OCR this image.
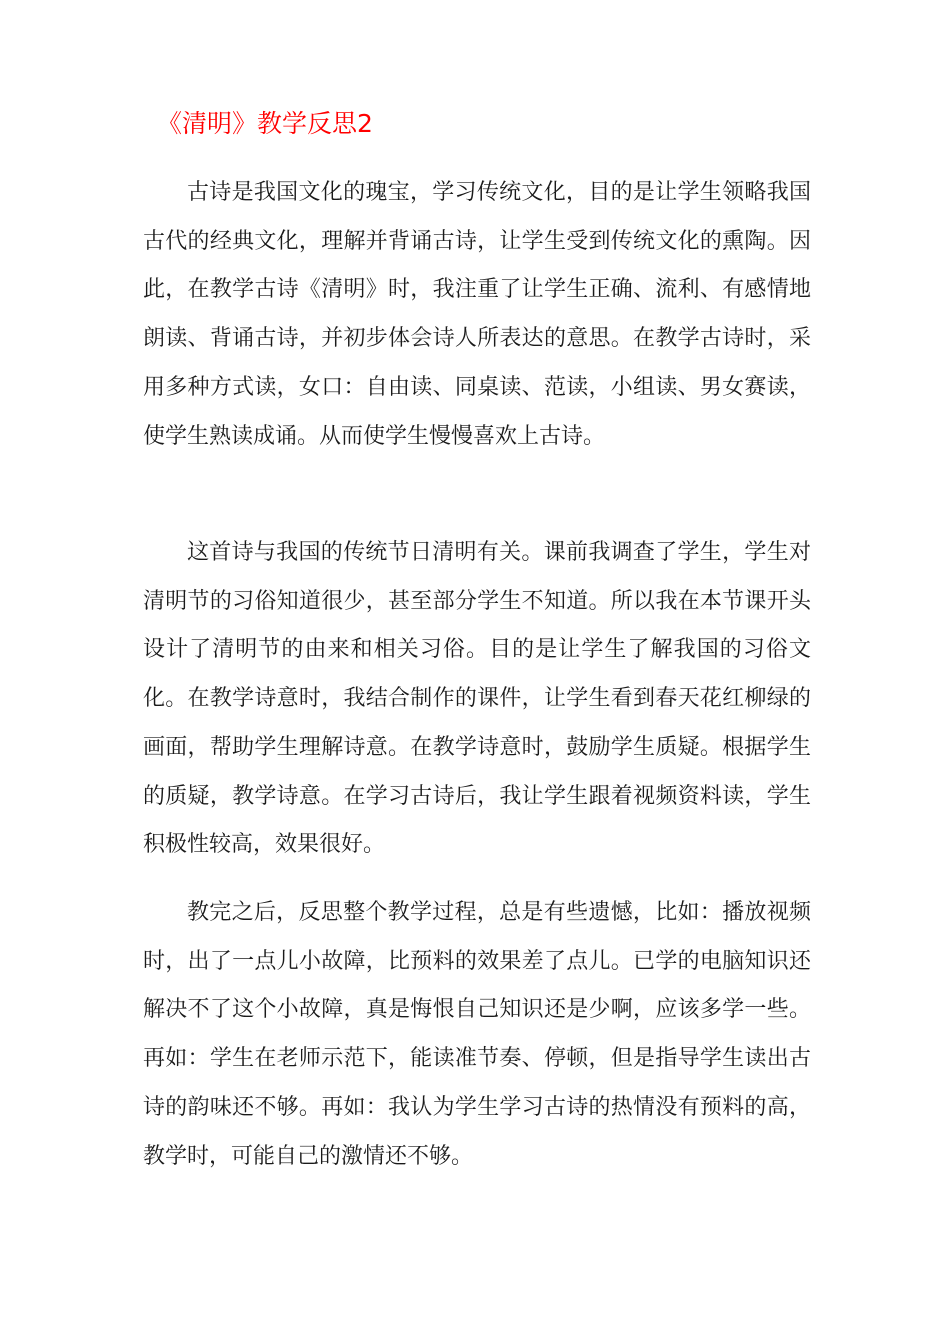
《清明》教学反思2

古诗是我国文化的瑰宝，学习传统文化，目的是让学生领略我国古代的经典文化，理解并背诵古诗，让学生受到传统文化的熏陶。因此，在教学古诗《清明》时，我注重了让学生正确、流利、有感情地朗读、背诵古诗，并初步体会诗人所表达的意思。在教学古诗时，采用多种方式读，女口：自由读、同桌读、范读，小组读、男女赛读，使学生熟读成诵。从而使学生慢慢喜欢上古诗。

这首诗与我国的传统节日清明有关。课前我调查了学生，学生对清明节的习俗知道很少，甚至部分学生不知道。所以我在本节课开头设计了清明节的由来和相关习俗。目的是让学生了解我国的习俗文化。在教学诗意时，我结合制作的课件，让学生看到春天花红柳绿的画面，帮助学生理解诗意。在教学诗意时，鼓励学生质疑。根据学生的质疑，教学诗意。在学习古诗后，我让学生跟着视频资料读，学生积极性较高，效果很好。

教完之后，反思整个教学过程，总是有些遗憾，比如：播放视频时，出了一点儿小故障，比预料的效果差了点儿。已学的电脑知识还解决不了这个小故障，真是悔恨自己知识还是少啊，应该多学一些。再如：学生在老师示范下，能读准节奏、停顿，但是指导学生读出古诗的韵味还不够。再如：我认为学生学习古诗的热情没有预料的高，教学时，可能自己的激情还不够。
